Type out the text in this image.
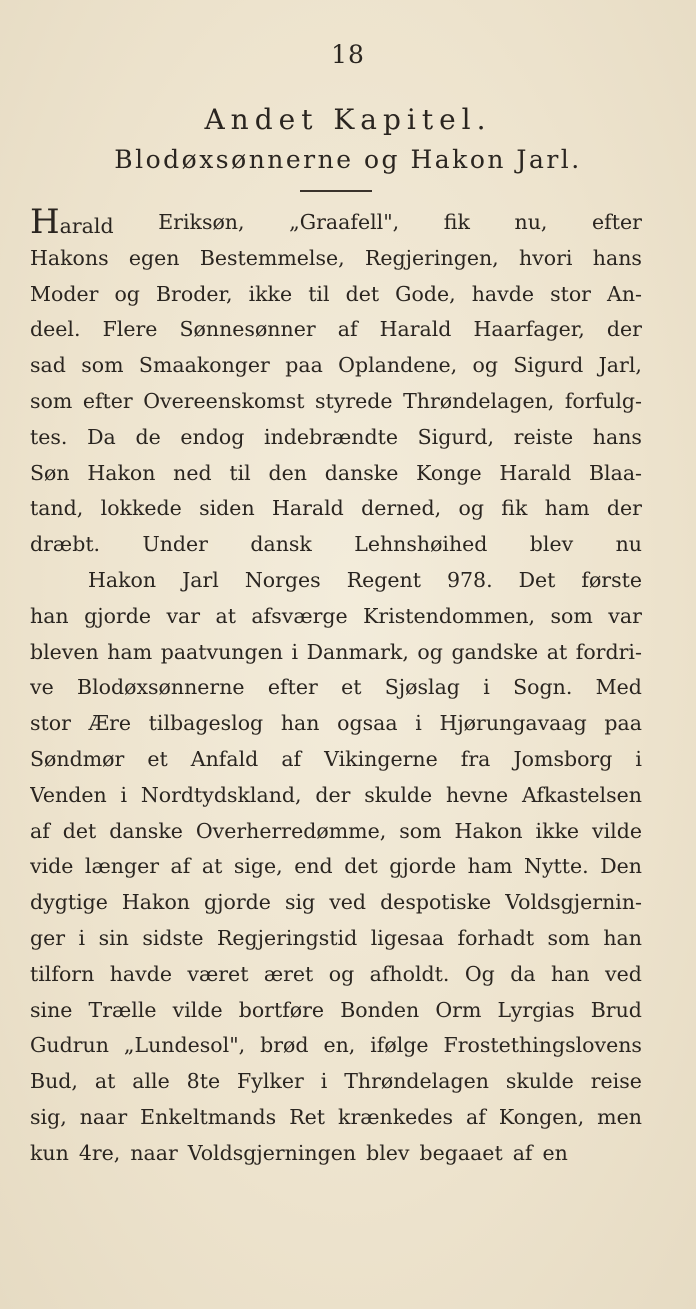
18
Andet Kapitel.
Blodøxsønnerne og Hakon Jarl.
Harald Eriksøn, „Graafell", fik nu, efter
Hakons egen Bestemmelse, Regjeringen, hvori hans
Moder og Broder, ikke til det Gode, havde stor An-
deel. Flere Sønnesønner af Harald Haarfager, der
sad som Smaakonger paa Oplandene, og Sigurd Jarl,
som efter Overeenskomst styrede Thrøndelagen, forfulg-
tes. Da de endog indebrændte Sigurd, reiste hans
Søn Hakon ned til den danske Konge Harald Blaa-
tand, lokkede siden Harald derned, og fik ham der
dræbt. Under dansk Lehnshøihed blev nu
Hakon Jarl Norges Regent 978. Det første
han gjorde var at afsværge Kristendommen, som var
bleven ham paatvungen i Danmark, og gandske at fordri-
ve Blodøxsønnerne efter et Sjøslag i Sogn. Med
stor Ære tilbageslog han ogsaa i Hjørungavaag paa
Søndmør et Anfald af Vikingerne fra Jomsborg i
Venden i Nordtydskland, der skulde hevne Afkastelsen
af det danske Overherredømme, som Hakon ikke vilde
vide længer af at sige, end det gjorde ham Nytte. Den
dygtige Hakon gjorde sig ved despotiske Voldsgjernin-
ger i sin sidste Regjeringstid ligesaa forhadt som han
tilforn havde været æret og afholdt. Og da han ved
sine Trælle vilde bortføre Bonden Orm Lyrgias Brud
Gudrun „Lundesol", brød en, ifølge Frostethingslovens
Bud, at alle 8te Fylker i Thrøndelagen skulde reise
sig, naar Enkeltmands Ret krænkedes af Kongen, men
kun 4re, naar Voldsgjerningen blev begaaet af en
